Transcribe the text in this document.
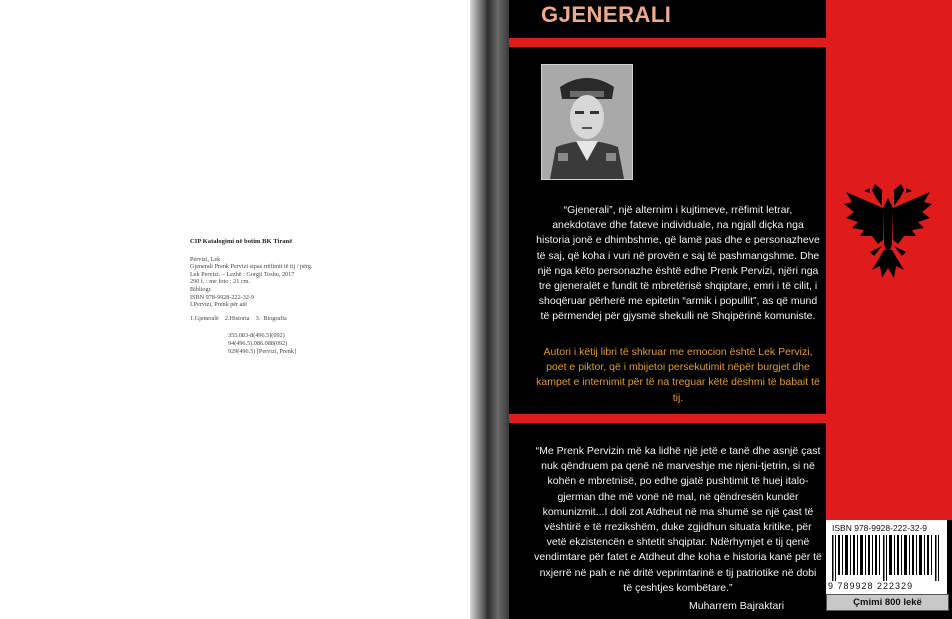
CIP Katalogimi në botim BK Tiranë
Pervizi, Lek
Gjenerali Prenk Pervizi sipas rrëfimit të tij / përg.
Lek Pervizi. – Lezhë : Gorgji Toshu, 2017
290 f. : me foto ; 21 cm.
Bibliogr.
ISBN 978-9928-222-32-9
I.Pervizi, Prenk për atë
1.Gjeneralë    2.Historia    3.  Biografia
355.083-8(496.5)(092)
94(496.5).086.088(092)
929(496.5) [Pervizi, Prenk]
GJENERALI
“Gjenerali”, një alternim i kujtimeve, rrëfimit letrar, anekdotave dhe fateve individuale, na ngjall diçka nga historia jonë e dhimbshme, që lamë pas dhe e personazheve të saj, që koha i vuri në provën e saj të pashmangshme. Dhe një nga këto personazhe është edhe Prenk Pervizi, njëri nga tre gjeneralët e fundit të mbretërisë shqiptare, emri i të cilit, i shoqëruar përherë me epitetin “armik i popullit”, as që mund të përmendej për gjysmë shekulli në Shqipërinë komuniste.
Autori i këtij libri të shkruar me emocion është Lek Pervizi, poet e piktor, që i mbijetoi persekutimit nëpër burgjet dhe kampet e internimit për të na treguar këtë dëshmi të babait të tij.
“Me Prenk Pervizin më ka lidhë një jetë e tanë dhe asnjë çast nuk qëndruem pa qenë në marveshje me njeni-tjetrin, si në kohën e mbretnisë, po edhe gjatë pushtimit të huej italo-gjerman dhe më vonë në mal, në qëndresën kundër komunizmit...I doli zot Atdheut në ma shumë se një çast të vështirë e të rrezikshëm, duke zgjidhun situata kritike, për vetë ekzistencën e shtetit shqiptar. Ndërhymjet e tij qenë vendimtare për fatet e Atdheut dhe koha e historia kanë për të nxjerrë në pah e në dritë veprimtarinë e tij patriotike në dobi të çeshtjes kombëtare.”
Muharrem Bajraktari
ISBN 978-9928-222-32-9
9 789928 222329
Çmimi 800 lekë
